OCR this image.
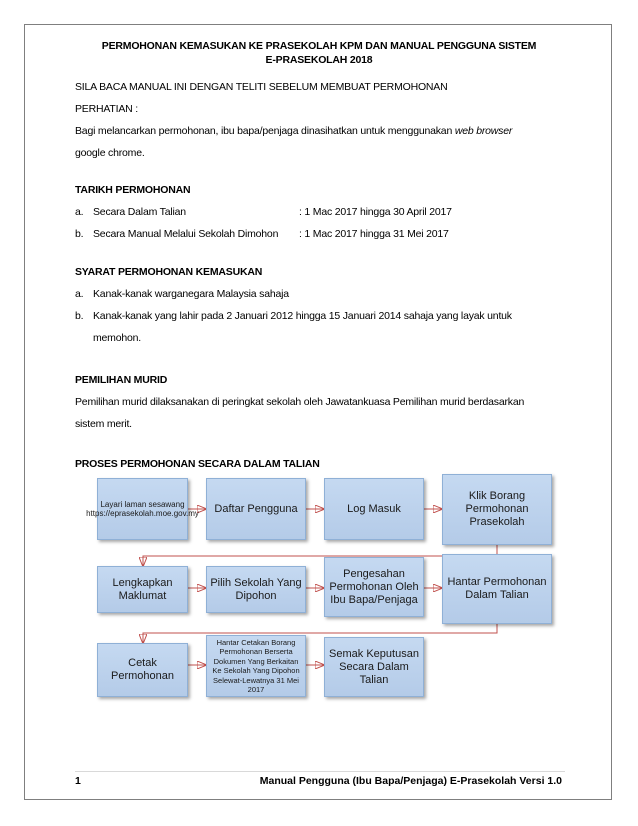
PERMOHONAN KEMASUKAN KE PRASEKOLAH KPM DAN MANUAL PENGGUNA SISTEM
E-PRASEKOLAH 2018
SILA BACA MANUAL INI DENGAN TELITI SEBELUM MEMBUAT PERMOHONAN
PERHATIAN :
Bagi melancarkan permohonan, ibu bapa/penjaga dinasihatkan untuk menggunakan web browser
google chrome.
TARIKH PERMOHONAN
a. Secara Dalam Talian	: 1 Mac 2017 hingga 30 April 2017
b. Secara Manual Melalui Sekolah Dimohon : 1 Mac 2017 hingga 31 Mei 2017
SYARAT PERMOHONAN KEMASUKAN
a. Kanak-kanak warganegara Malaysia sahaja
b. Kanak-kanak yang lahir pada 2 Januari 2012 hingga 15 Januari 2014 sahaja yang layak untuk
memohon.
PEMILIHAN MURID
Pemilihan murid dilaksanakan di peringkat sekolah oleh Jawatankuasa Pemilihan murid berdasarkan
sistem merit.
PROSES PERMOHONAN SECARA DALAM TALIAN
Layari laman sesawang https://eprasekolah.moe.gov.my	Daftar Pengguna	Log Masuk
Klik Borang Permohonan Prasekolah
Lengkapkan Maklumat
Pilih Sekolah Yang Dipohon
Pengesahan Permohonan Oleh Ibu Bapa/Penjaga
Hantar Permohonan Dalam Talian
Cetak Permohonan
Hantar Cetakan Borang Permohonan Berserta Dokumen Yang Berkaitan Ke Sekolah Yang Dipohon Selewat-Lewatnya 31 Mei 2017
Semak Keputusan Secara Dalam Talian
1	Manual Pengguna (Ibu Bapa/Penjaga) E-Prasekolah Versi 1.0
